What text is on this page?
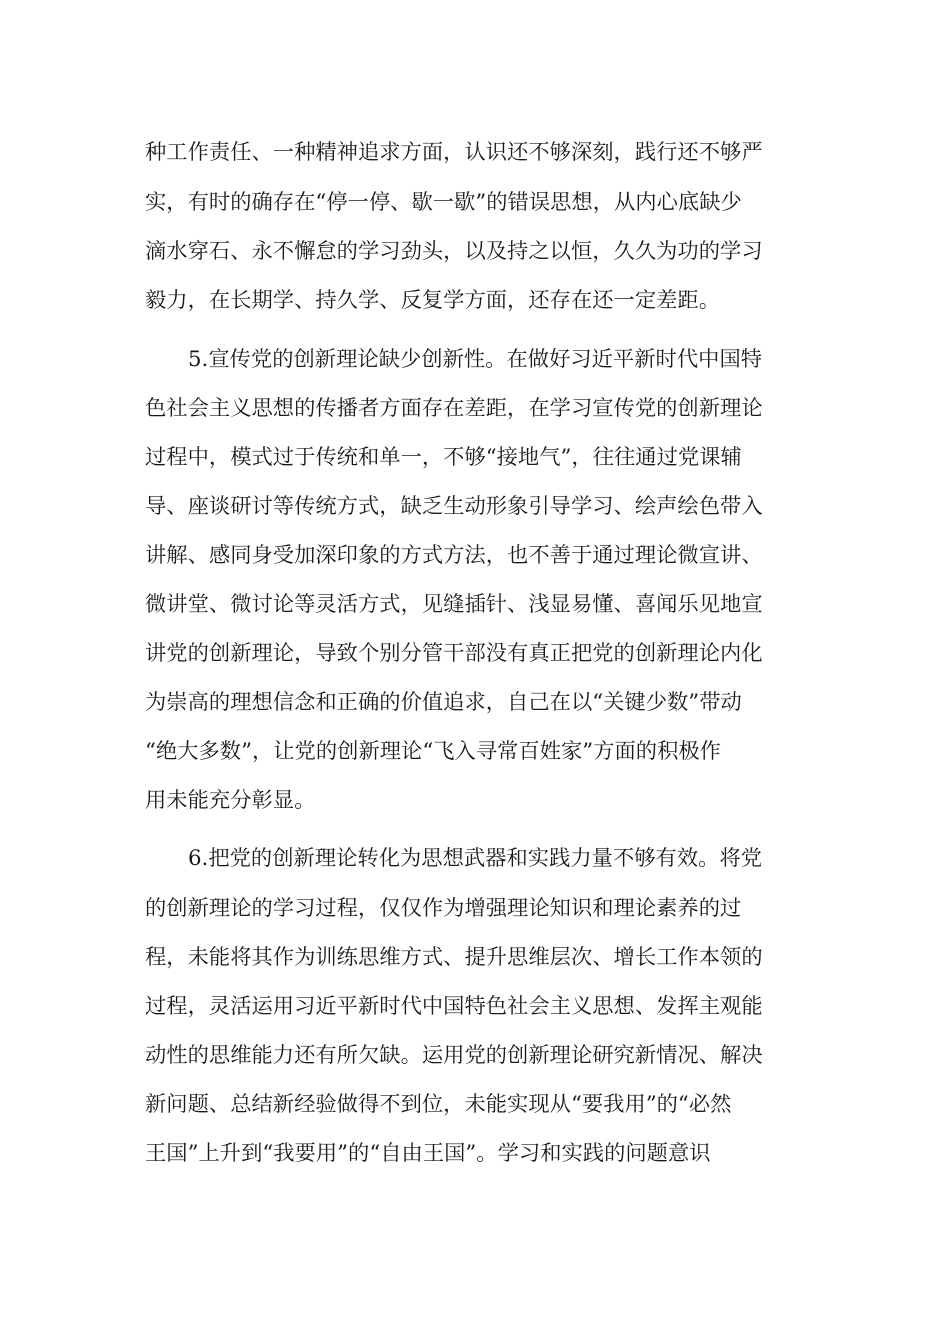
种工作责任、一种精神追求方面，认识还不够深刻，践行还不够严
实，有时的确存在“停一停、歇一歇”的错误思想，从内心底缺少
滴水穿石、永不懈怠的学习劲头，以及持之以恒，久久为功的学习
毅力，在长期学、持久学、反复学方面，还存在还一定差距。
5.宣传党的创新理论缺少创新性。在做好习近平新时代中国特
色社会主义思想的传播者方面存在差距，在学习宣传党的创新理论
过程中，模式过于传统和单一，不够“接地气”，往往通过党课辅
导、座谈研讨等传统方式，缺乏生动形象引导学习、绘声绘色带入
讲解、感同身受加深印象的方式方法，也不善于通过理论微宣讲、
微讲堂、微讨论等灵活方式，见缝插针、浅显易懂、喜闻乐见地宣
讲党的创新理论，导致个别分管干部没有真正把党的创新理论内化
为崇高的理想信念和正确的价值追求，自己在以“关键少数”带动
“绝大多数”，让党的创新理论“飞入寻常百姓家”方面的积极作
用未能充分彰显。
6.把党的创新理论转化为思想武器和实践力量不够有效。将党
的创新理论的学习过程，仅仅作为增强理论知识和理论素养的过
程，未能将其作为训练思维方式、提升思维层次、增长工作本领的
过程，灵活运用习近平新时代中国特色社会主义思想、发挥主观能
动性的思维能力还有所欠缺。运用党的创新理论研究新情况、解决
新问题、总结新经验做得不到位，未能实现从“要我用”的“必然
王国”上升到“我要用”的“自由王国”。学习和实践的问题意识
